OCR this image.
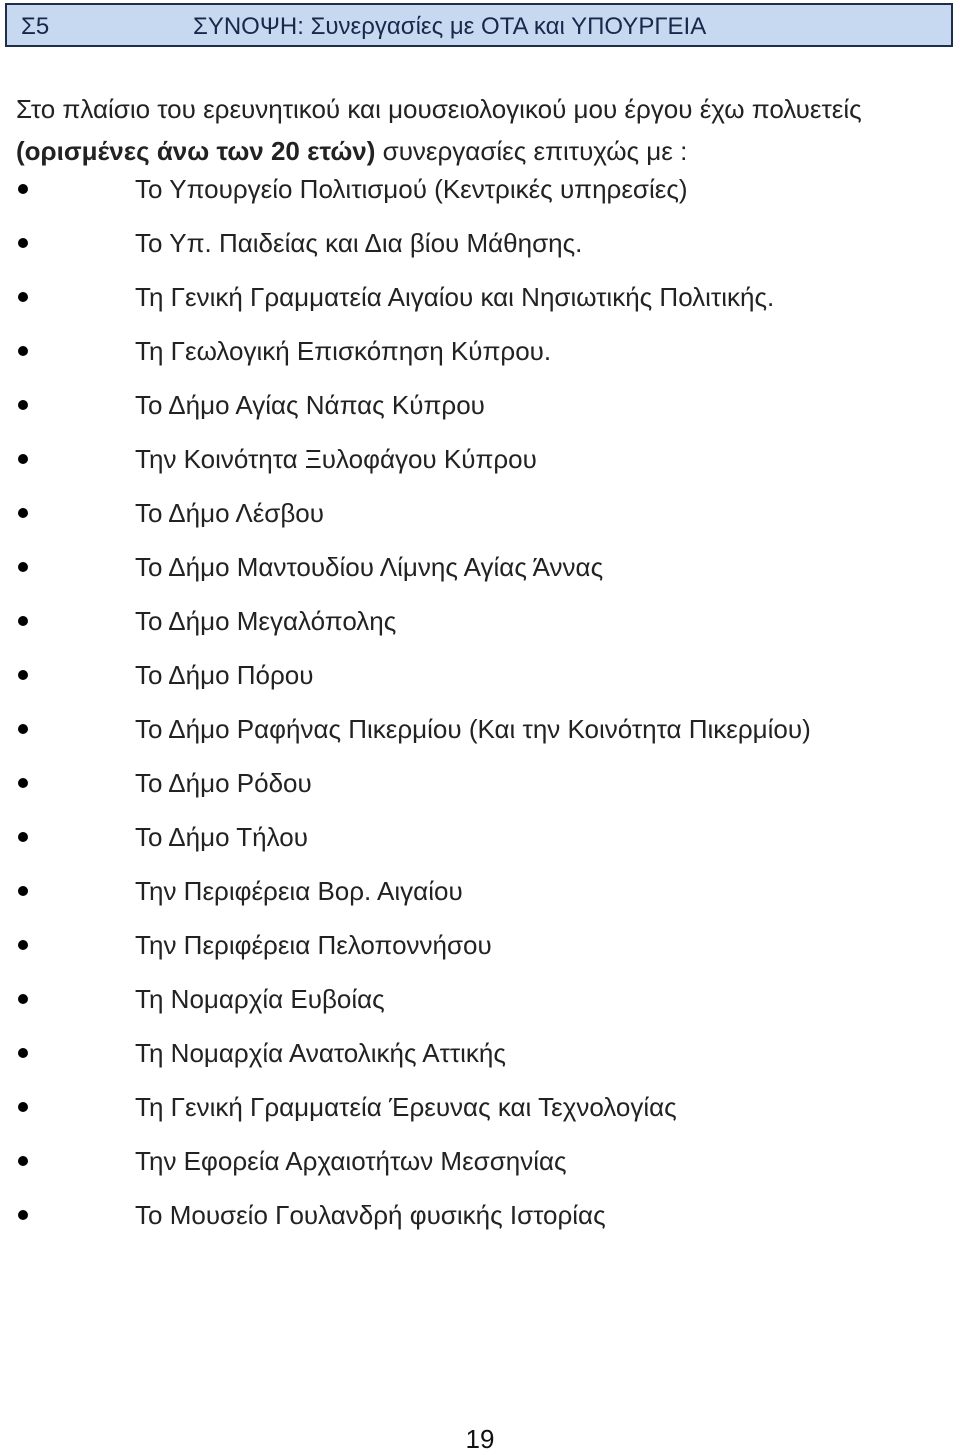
Σ5	ΣΥΝΟΨΗ: Συνεργασίες με ΟΤΑ και ΥΠΟΥΡΓΕΙΑ
Στο πλαίσιο του ερευνητικού και μουσειολογικού μου έργου έχω πολυετείς
(ορισμένες άνω των 20 ετών) συνεργασίες επιτυχώς με :
Το Υπουργείο Πολιτισμού (Κεντρικές υπηρεσίες)
Το Υπ. Παιδείας και Δια βίου Μάθησης.
Τη Γενική Γραμματεία Αιγαίου και Νησιωτικής Πολιτικής.
Τη Γεωλογική Επισκόπηση Κύπρου.
Το Δήμο Αγίας Νάπας Κύπρου
Την Κοινότητα Ξυλοφάγου Κύπρου
Το Δήμο Λέσβου
Το Δήμο Μαντουδίου Λίμνης Αγίας Άννας
Το Δήμο Μεγαλόπολης
Το Δήμο Πόρου
Το Δήμο Ραφήνας Πικερμίου (Και την Κοινότητα Πικερμίου)
Το Δήμο Ρόδου
Το Δήμο Τήλου
Την Περιφέρεια Βορ. Αιγαίου
Την Περιφέρεια Πελοποννήσου
Τη Νομαρχία Ευβοίας
Τη Νομαρχία Ανατολικής Αττικής
Τη Γενική Γραμματεία Έρευνας και Τεχνολογίας
Την Εφορεία Αρχαιοτήτων Μεσσηνίας
Το Μουσείο Γουλανδρή φυσικής Ιστορίας
19
